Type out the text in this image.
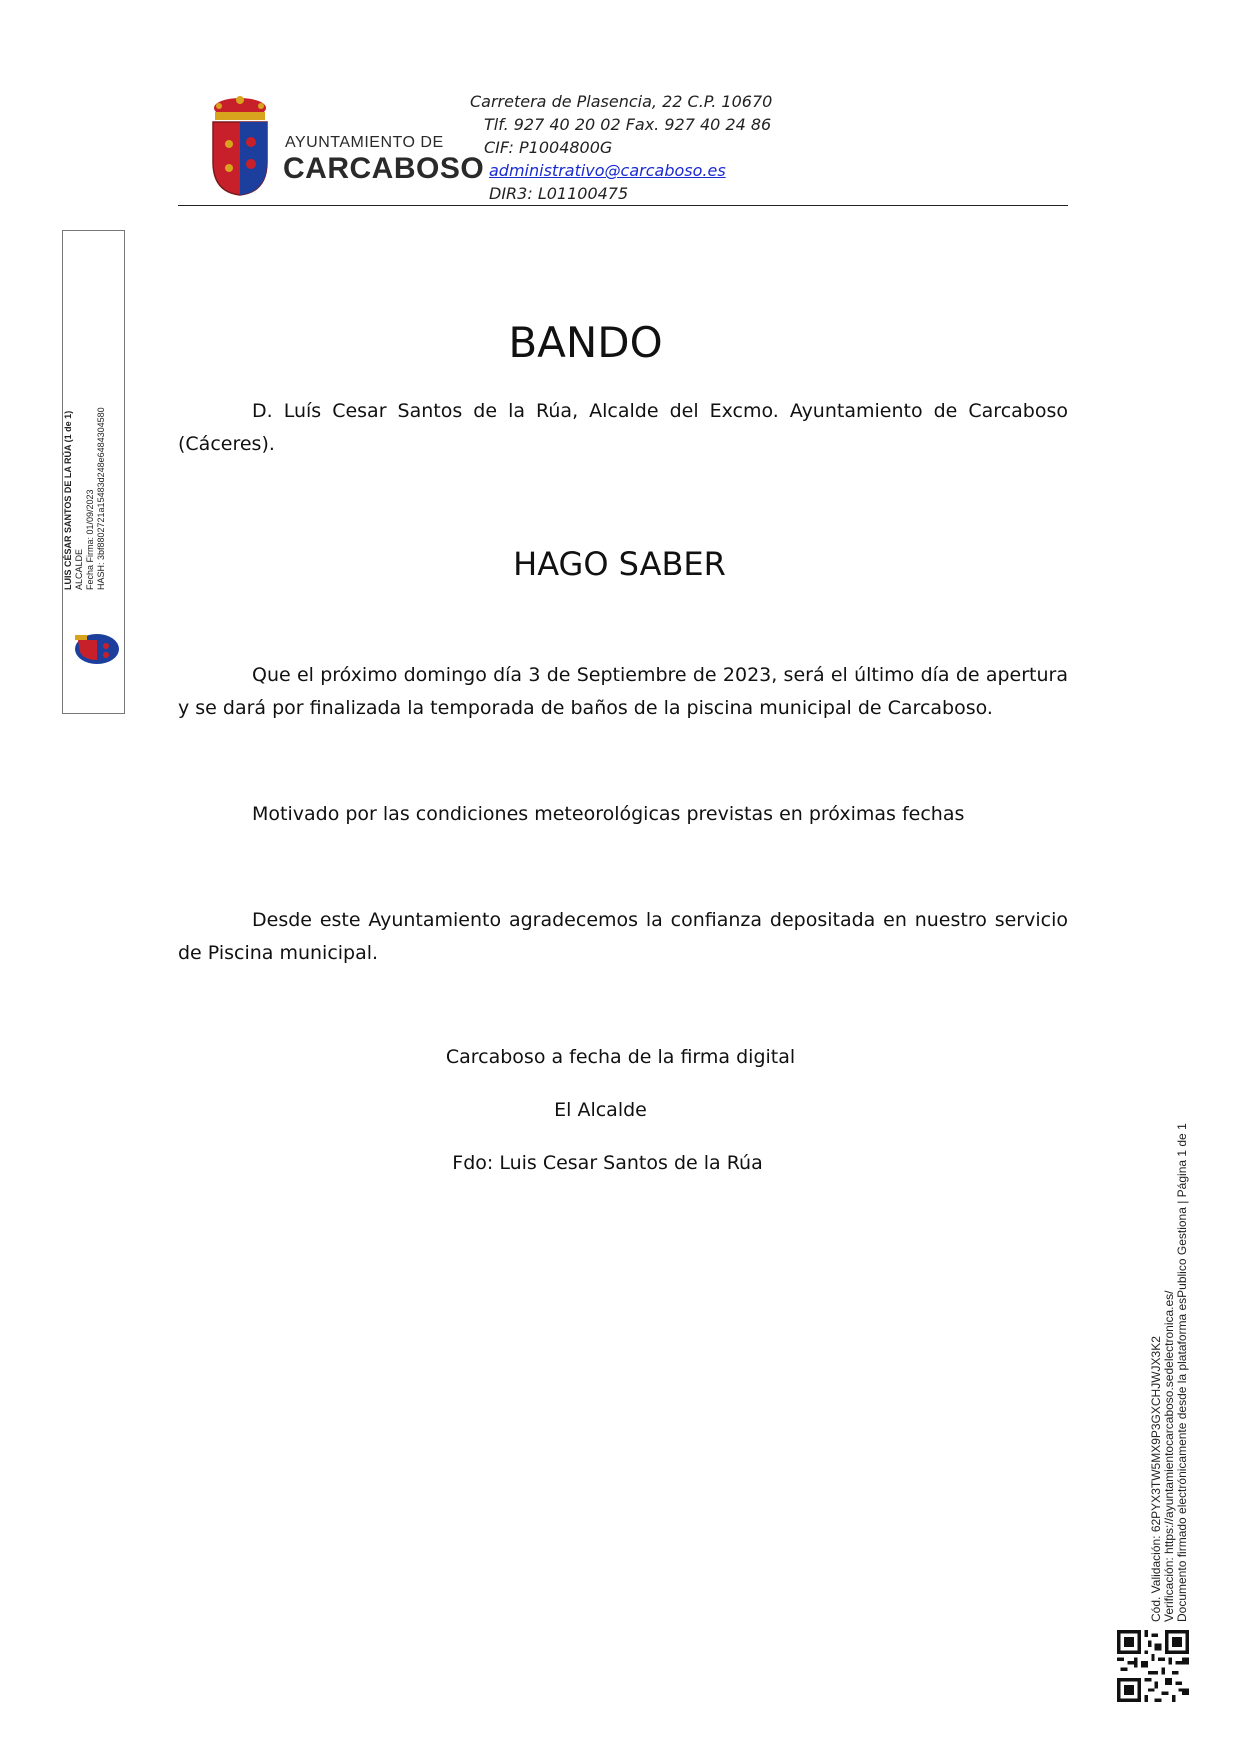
AYUNTAMIENTO DE
CARCABOSO
Carretera de Plasencia, 22 C.P. 10670
Tlf. 927 40 20 02 Fax. 927 40 24 86
CIF: P1004800G
administrativo@carcaboso.es
DIR3: L01100475
LUIS CÉSAR SANTOS DE LA RÚA (1 de 1) ALCALDE Fecha Firma: 01/09/2023 HASH: 3bf8802721a15483d248e6484304580
BANDO
D. Luís Cesar Santos de la Rúa, Alcalde del Excmo. Ayuntamiento de Carcaboso (Cáceres).
HAGO SABER
Que el próximo domingo día 3 de Septiembre de 2023, será el último día de apertura y se dará por finalizada la temporada de baños de la piscina municipal de Carcaboso.
Motivado por las condiciones meteorológicas previstas en próximas fechas
Desde este Ayuntamiento agradecemos la confianza depositada en nuestro servicio de Piscina municipal.
Carcaboso a fecha de la firma digital
El Alcalde
Fdo: Luis Cesar Santos de la Rúa
Cód. Validación: 62PYX3TW5MX9P3GXCHJWJX3K2 Verificación: https://ayuntamientocarcaboso.sedelectronica.es/ Documento firmado electrónicamente desde la plataforma esPublico Gestiona | Página 1 de 1
